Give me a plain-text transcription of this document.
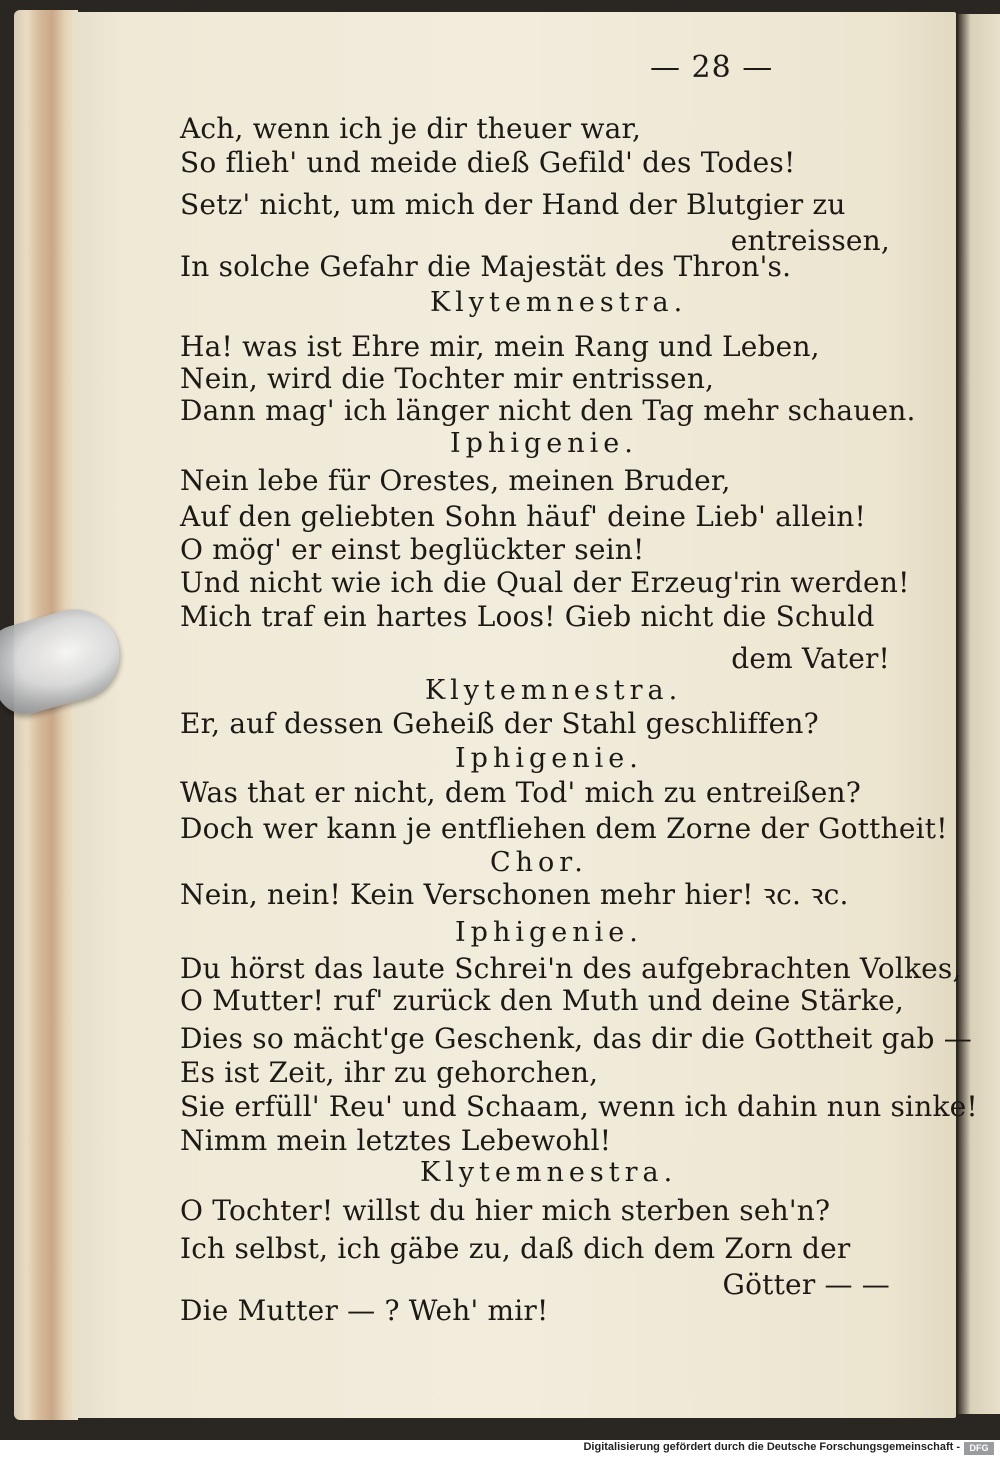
— 28 —
Ach, wenn ich je dir theuer war,
So flieh' und meide dieß Gefild' des Todes!
Setz' nicht, um mich der Hand der Blutgier zu
entreissen,
In solche Gefahr die Majestät des Thron's.
Klytemnestra.
Ha! was ist Ehre mir, mein Rang und Leben,
Nein, wird die Tochter mir entrissen,
Dann mag' ich länger nicht den Tag mehr schauen.
Iphigenie.
Nein lebe für Orestes, meinen Bruder,
Auf den geliebten Sohn häuf' deine Lieb' allein!
O mög' er einst beglückter sein!
Und nicht wie ich die Qual der Erzeug'rin werden!
Mich traf ein hartes Loos! Gieb nicht die Schuld
dem Vater!
Klytemnestra.
Er, auf dessen Geheiß der Stahl geschliffen?
Iphigenie.
Was that er nicht, dem Tod' mich zu entreißen?
Doch wer kann je entfliehen dem Zorne der Gottheit!
Chor.
Nein, nein! Kein Verschonen mehr hier! ꝛc. ꝛc.
Iphigenie.
Du hörst das laute Schrei'n des aufgebrachten Volkes,
O Mutter! ruf' zurück den Muth und deine Stärke,
Dies so mächt'ge Geschenk, das dir die Gottheit gab —
Es ist Zeit, ihr zu gehorchen,
Sie erfüll' Reu' und Schaam, wenn ich dahin nun sinke!
Nimm mein letztes Lebewohl!
Klytemnestra.
O Tochter! willst du hier mich sterben seh'n?
Ich selbst, ich gäbe zu, daß dich dem Zorn der
Götter — —
Die Mutter — ? Weh' mir!
Digitalisierung gefördert durch die Deutsche Forschungsgemeinschaft -	DFG
